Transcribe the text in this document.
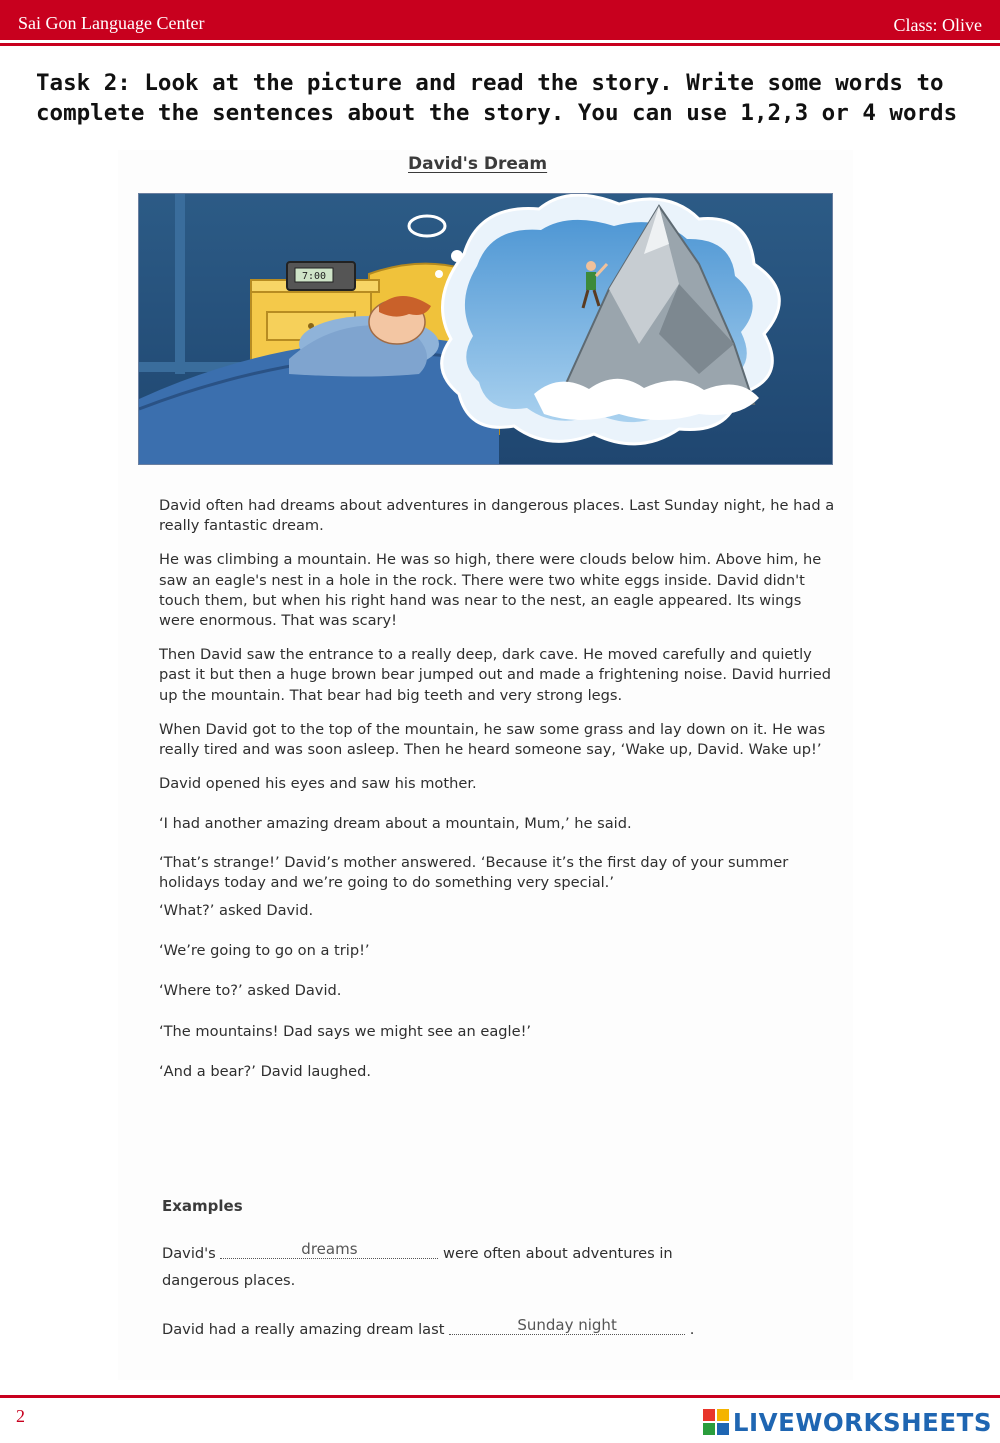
Sai Gon Language Center	Class: Olive
Task 2: Look at the picture and read the story. Write some words to complete the sentences about the story. You can use 1,2,3 or 4 words
David's Dream
7:00

David often had dreams about adventures in dangerous places. Last Sunday night, he had a really fantastic dream.

He was climbing a mountain. He was so high, there were clouds below him. Above him, he saw an eagle's nest in a hole in the rock. There were two white eggs inside. David didn't touch them, but when his right hand was near to the nest, an eagle appeared. Its wings were enormous. That was scary!

Then David saw the entrance to a really deep, dark cave. He moved carefully and quietly past it but then a huge brown bear jumped out and made a frightening noise. David hurried up the mountain. That bear had big teeth and very strong legs.

When David got to the top of the mountain, he saw some grass and lay down on it. He was really tired and was soon asleep. Then he heard someone say, ‘Wake up, David. Wake up!’

David opened his eyes and saw his mother.

‘I had another amazing dream about a mountain, Mum,’ he said.

‘That’s strange!’ David’s mother answered. ‘Because it’s the first day of your summer holidays today and we’re going to do something very special.’

‘What?’ asked David.

‘We’re going to go on a trip!’

‘Where to?’ asked David.

‘The mountains! Dad says we might see an eagle!’

‘And a bear?’ David laughed.

Examples
David's	dreams	were often about adventures in
dangerous places.
David had a really amazing dream last	Sunday night	.
2	LIVEWORKSHEETS
